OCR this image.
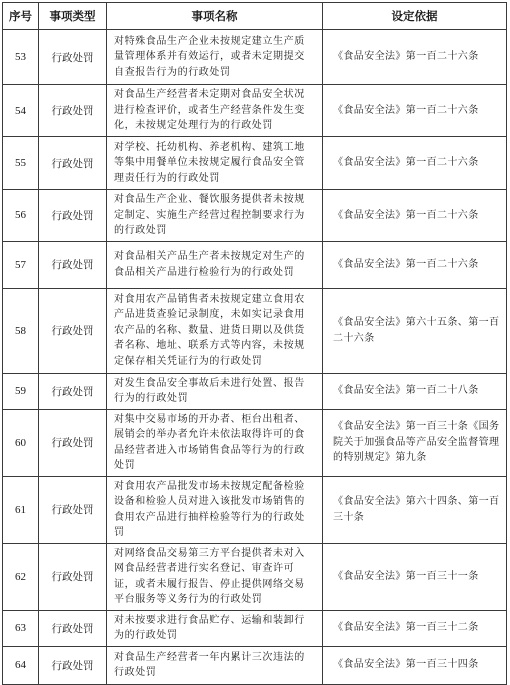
序号	事项类型	事项名称	设定依据
53	行政处罚	对特殊食品生产企业未按规定建立生产质量管理体系并有效运行，或者未定期提交自查报告行为的行政处罚	《食品安全法》第一百二十六条
54	行政处罚	对食品生产经营者未定期对食品安全状况进行检查评价，或者生产经营条件发生变化，未按规定处理行为的行政处罚	《食品安全法》第一百二十六条
55	行政处罚	对学校、托幼机构、养老机构、建筑工地等集中用餐单位未按规定履行食品安全管理责任行为的行政处罚	《食品安全法》第一百二十六条
56	行政处罚	对食品生产企业、餐饮服务提供者未按规定制定、实施生产经营过程控制要求行为的行政处罚	《食品安全法》第一百二十六条
57	行政处罚	对食品相关产品生产者未按规定对生产的食品相关产品进行检验行为的行政处罚	《食品安全法》第一百二十六条
58	行政处罚	对食用农产品销售者未按规定建立食用农产品进货查验记录制度，未如实记录食用农产品的名称、数量、进货日期以及供货者名称、地址、联系方式等内容，未按规定保存相关凭证行为的行政处罚	《食品安全法》第六十五条、第一百二十六条
59	行政处罚	对发生食品安全事故后未进行处置、报告行为的行政处罚	《食品安全法》第一百二十八条
60	行政处罚	对集中交易市场的开办者、柜台出租者、展销会的举办者允许未依法取得许可的食品经营者进入市场销售食品等行为的行政处罚	《食品安全法》第一百三十条《国务院关于加强食品等产品安全监督管理的特别规定》第九条
61	行政处罚	对食用农产品批发市场未按规定配备检验设备和检验人员对进入该批发市场销售的食用农产品进行抽样检验等行为的行政处罚	《食品安全法》第六十四条、第一百三十条
62	行政处罚	对网络食品交易第三方平台提供者未对入网食品经营者进行实名登记、审查许可证，或者未履行报告、停止提供网络交易平台服务等义务行为的行政处罚	《食品安全法》第一百三十一条
63	行政处罚	对未按要求进行食品贮存、运输和装卸行为的行政处罚	《食品安全法》第一百三十二条
64	行政处罚	对食品生产经营者一年内累计三次违法的行政处罚	《食品安全法》第一百三十四条
